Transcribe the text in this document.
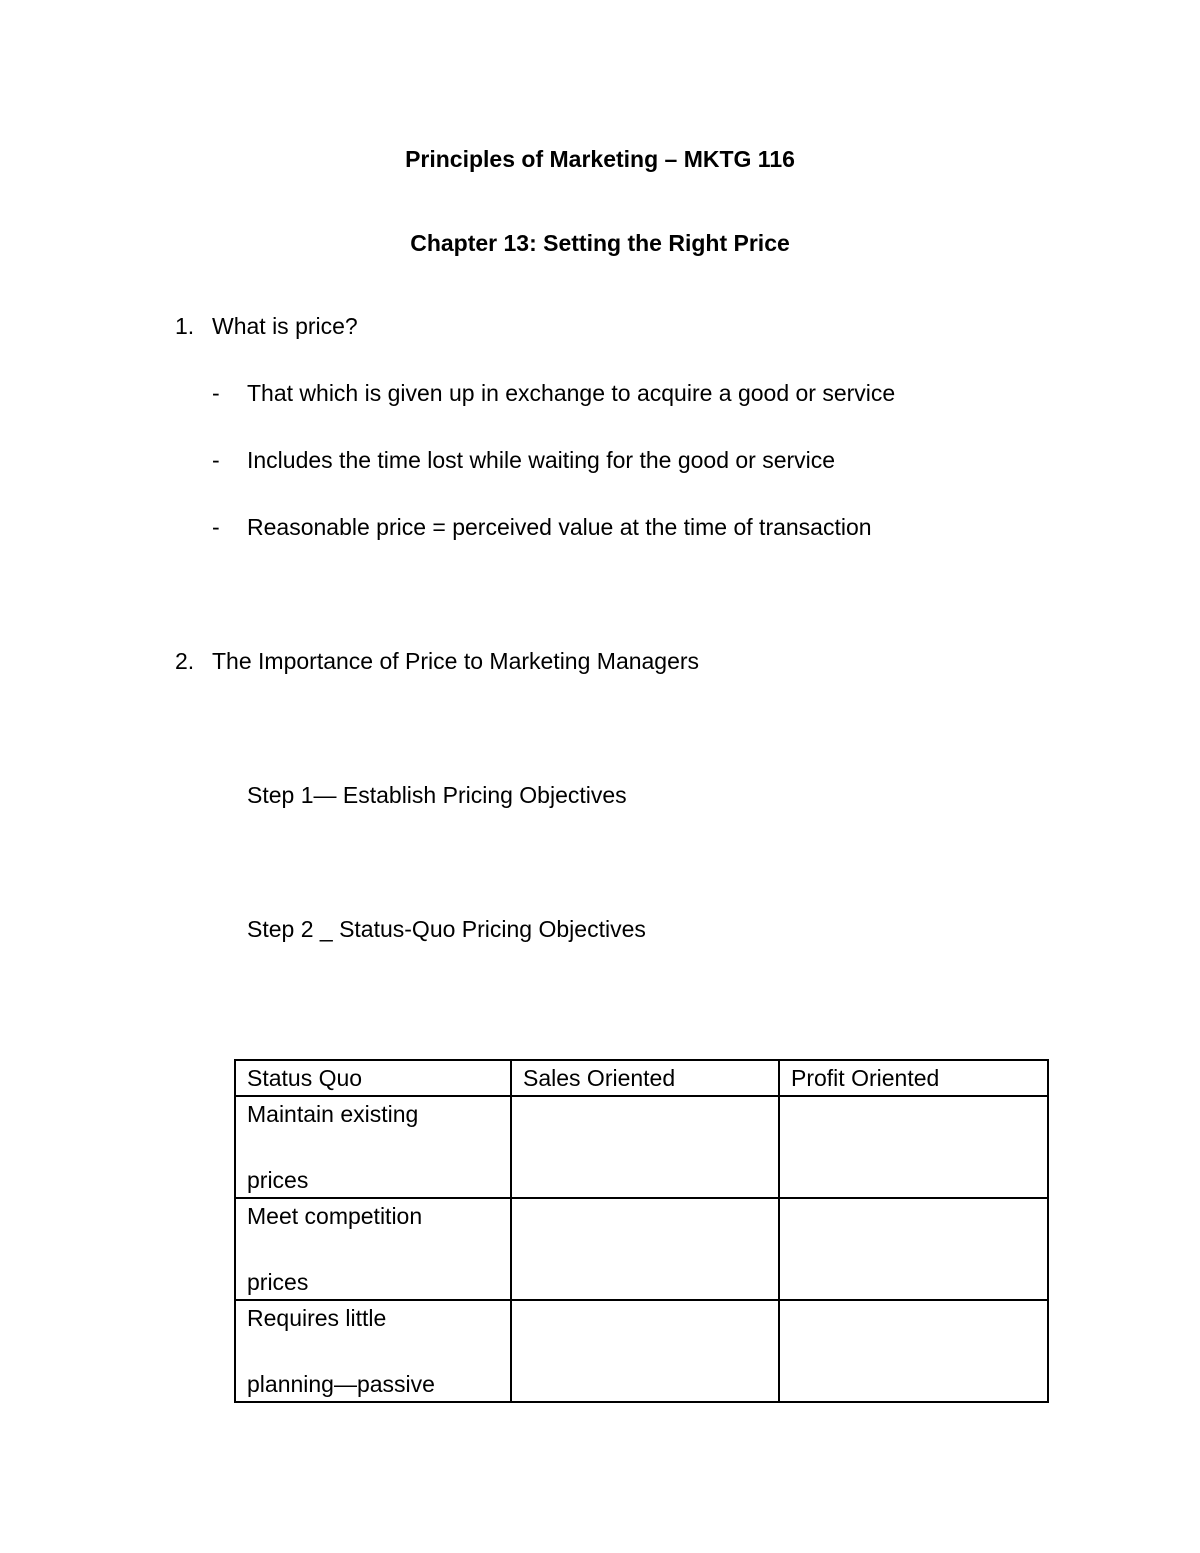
Principles of Marketing – MKTG 116
Chapter 13: Setting the Right Price
1. What is price?
- That which is given up in exchange to acquire a good or service
- Includes the time lost while waiting for the good or service
- Reasonable price = perceived value at the time of transaction
2. The Importance of Price to Marketing Managers
Step 1— Establish Pricing Objectives
Step 2 _ Status-Quo Pricing Objectives
Status Quo	Sales Oriented	Profit Oriented

Maintain existing
prices		

Meet competition
prices		

Requires little
planning—passive		
